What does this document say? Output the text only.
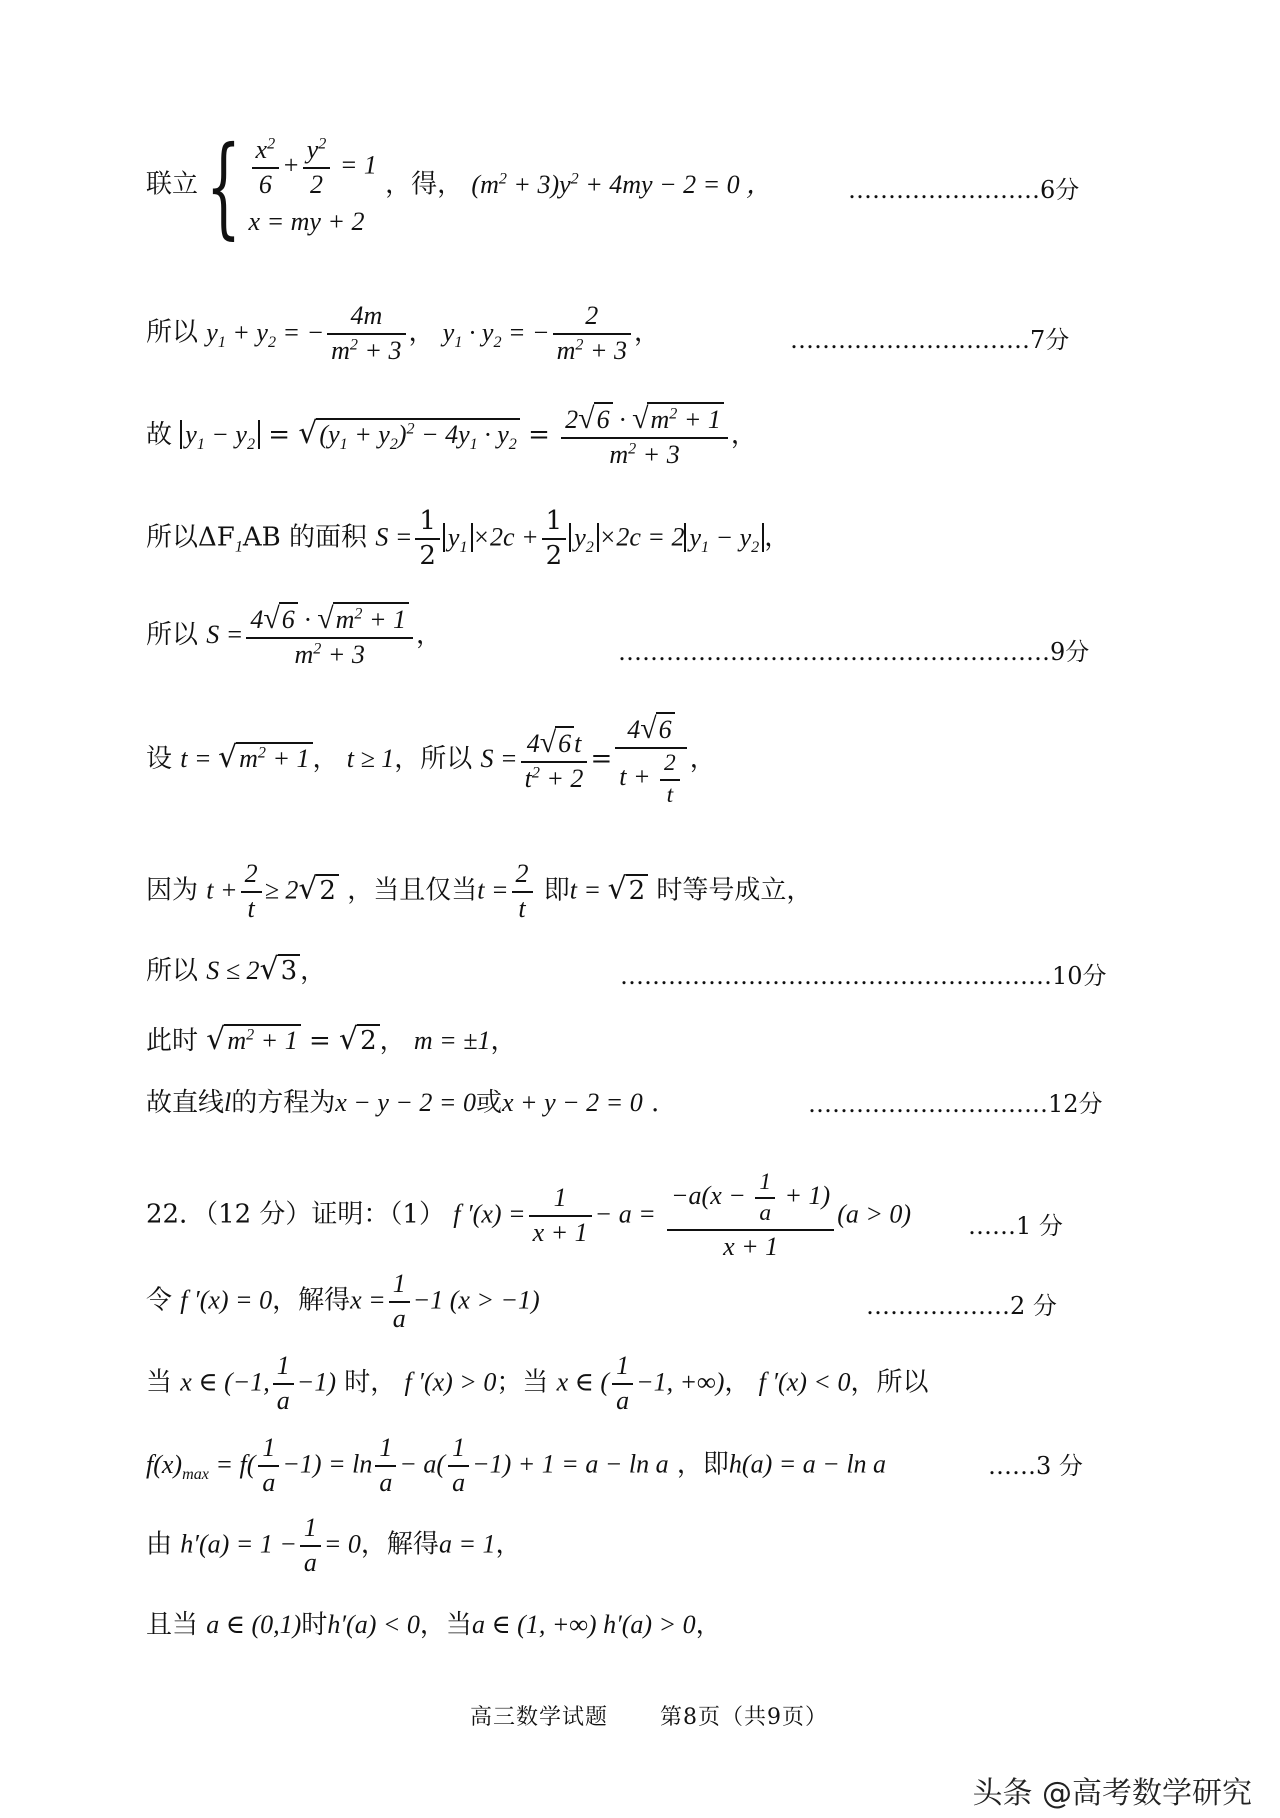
联立 { $\frac{x^2}{6} + \frac{y^2}{2} = 1$
x = my + 2
，得， $(m^2 + 3)y^2 + 4my - 2 = 0$ ，	……………………6分
所以 $y_1 + y_2$ = − $\frac{4m}{m^2 + 3}$ ， $y_1 \cdot y_2$ = − $\frac{2}{m^2 + 3}$ ，	…………………………7分
故 $y_1 - y_2 = √(y_1 + y_2)^2 - 4y_1 \cdot y_2 = \frac{2√6 \cdot √m^2 + 1}{m^2 + 3}$ ，
所以$\Delta F_1AB$ 的面积 $S = \frac{1}{2} y_1 \times 2c + \frac{1}{2} y_2 \times 2c = 2$ $y_1 - y_2$ ，
所以 $S = \frac{4√6 \cdot √m^2 + 1}{m^2 + 3}$ ，
………………………………………………9分
设 $t = √m^2 + 1$ ， t ≥ 1，所以 $S = \frac{4√6 t}{t^2 + 2} = \frac{4√6}{t + \frac{2}{t}}$ ，
因为 $t + \frac{2}{t} \ge 2√2$ ，当且仅当$t = \frac{2}{t}$ 即t = √2 时等号成立，
所以 S ≤ 2√3 ，	………………………………………………10分
此时 $√m^2 + 1 = √2$ ， m = ±1，
故直线l的方程为x − y − 2 = 0或x + y − 2 = 0 .	…………………………12分
22．（12 分）证明：（1） f $'(x) = \frac{1}{x + 1} - a = \frac{-a(x - \frac{1}{a} + 1)}{x + 1} (a > 0)$ ……1 分
令 f ′(x) = 0，解得$x = \frac{1}{a} -1$ (x > −1)	………………2 分
当 x ∈ (−1, $\frac{1}{a} -1$) 时， f ′(x) > 0；当 x ∈ ( $\frac{1}{a} -1$, +∞)， f ′(x) < 0，所以
$f(x)_{max} = f( \frac{1}{a} -1) = \ln \frac{1}{a} - a( \frac{1}{a} -1) + 1 = a - \ln a$ ，即h(a) = a − ln a	……3 分
由 $h'(a) = 1 - \frac{1}{a} = 0$，解得a = 1，
且当 a ∈ (0,1)时h′(a) < 0，当a ∈ (1, +∞) h′(a) > 0，
高三数学试题 第8页（共9页）
头条 @高考数学研究
